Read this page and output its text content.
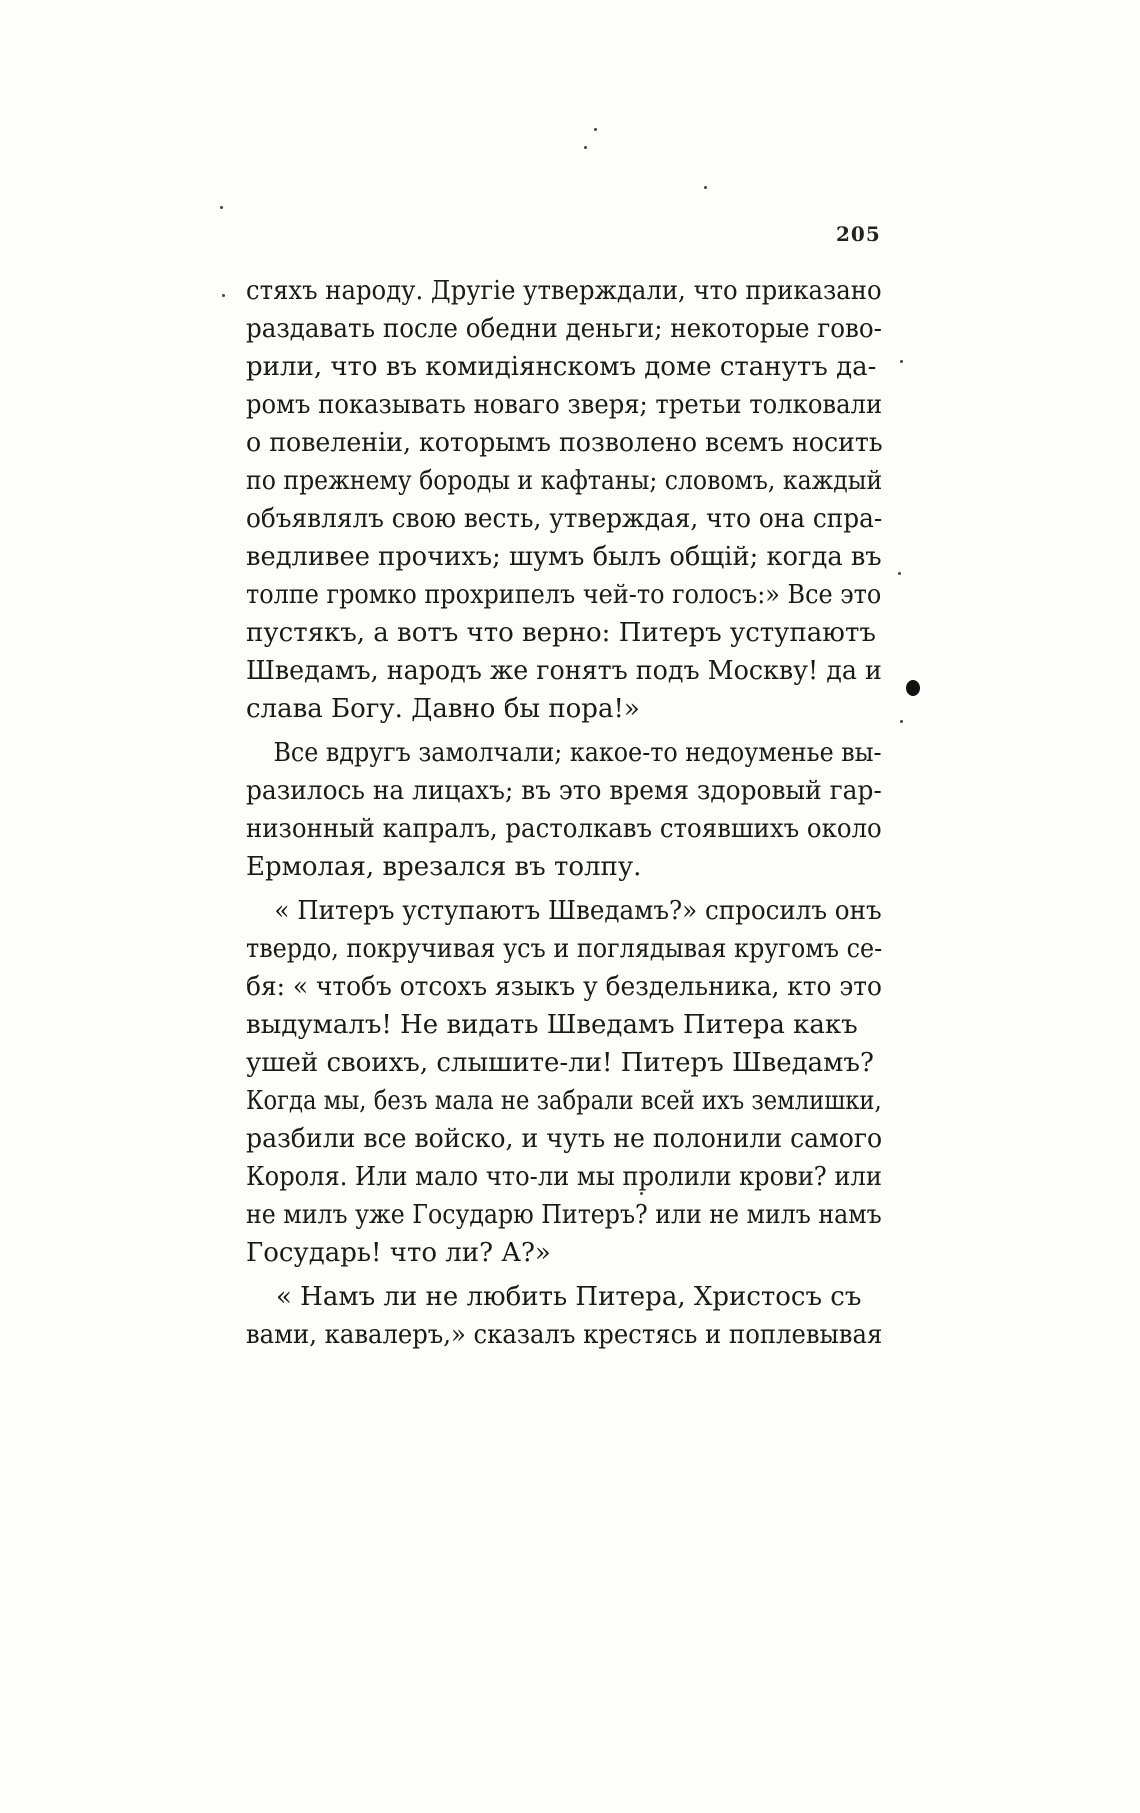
205
стяхъ народу. Другіе утверждали, что приказано
раздавать после обедни деньги; некоторые гово-
рили, что въ комидіянскомъ доме станутъ да-
ромъ показывать новаго зверя; третьи толковали
о повеленіи, которымъ позволено всемъ носить
по прежнему бороды и кафтаны; словомъ, каждый
объявлялъ свою весть, утверждая, что она спра-
ведливее прочихъ; шумъ былъ общій; когда въ
толпе громко прохрипелъ чей-то голосъ:» Все это
пустякъ, а вотъ что верно: Питеръ уступаютъ
Шведамъ, народъ же гонятъ подъ Москву! да и
слава Богу. Давно бы пора!»
Все вдругъ замолчали; какое-то недоуменье вы-
разилось на лицахъ; въ это время здоровый гар-
низонный капралъ, растолкавъ стоявшихъ около
Ермолая, врезался въ толпу.
« Питеръ уступаютъ Шведамъ?» спросилъ онъ
твердо, покручивая усъ и поглядывая кругомъ се-
бя: « чтобъ отсохъ языкъ у бездельника, кто это
выдумалъ! Не видать Шведамъ Питера какъ
ушей своихъ, слышите-ли! Питеръ Шведамъ?
Когда мы, безъ мала не забрали всей ихъ землишки,
разбили все войско, и чуть не полонили самого
Короля. Или мало что-ли мы пролили крови? или
не милъ уже Государю Питеръ? или не милъ намъ
Государь! что ли? А?»
« Намъ ли не любить Питера, Христосъ съ
вами, кавалеръ,» сказалъ крестясь и поплевывая
